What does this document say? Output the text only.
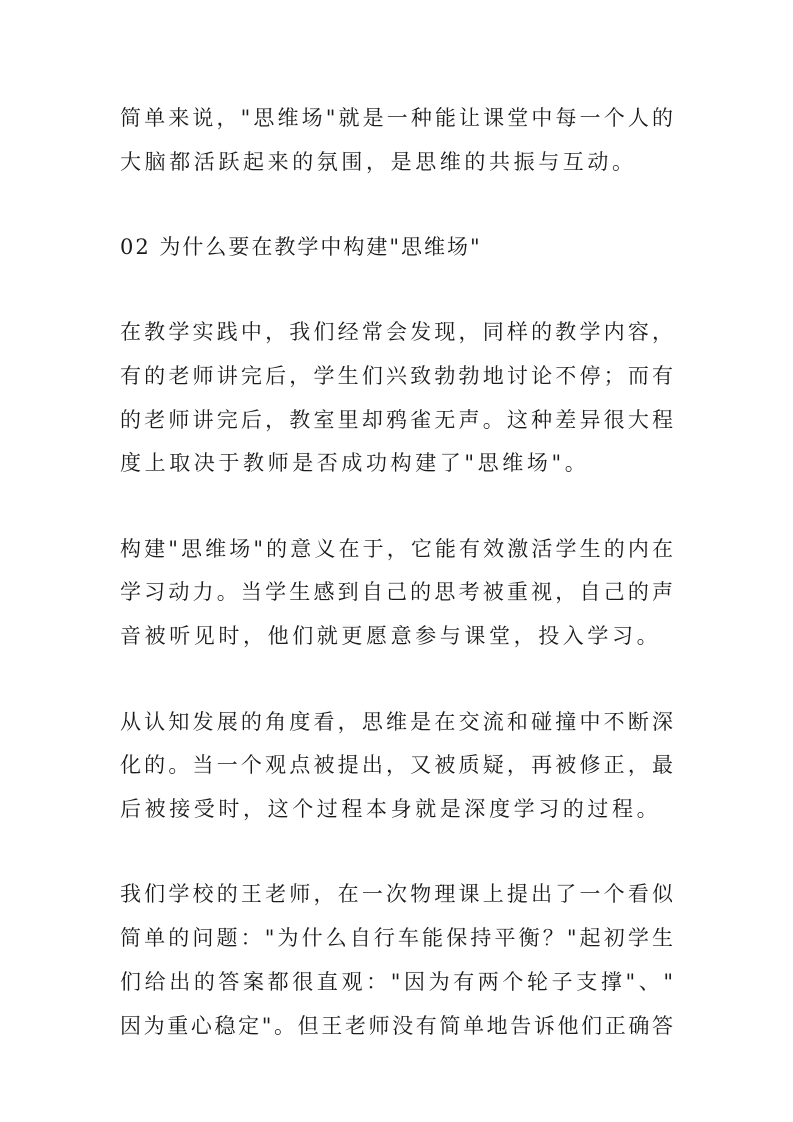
简单来说，"思维场"就是一种能让课堂中每一个人的
大脑都活跃起来的氛围，是思维的共振与互动。
02 为什么要在教学中构建"思维场"
在教学实践中，我们经常会发现，同样的教学内容，
有的老师讲完后，学生们兴致勃勃地讨论不停；而有
的老师讲完后，教室里却鸦雀无声。这种差异很大程
度上取决于教师是否成功构建了"思维场"。
构建"思维场"的意义在于，它能有效激活学生的内在
学习动力。当学生感到自己的思考被重视，自己的声
音被听见时，他们就更愿意参与课堂，投入学习。
从认知发展的角度看，思维是在交流和碰撞中不断深
化的。当一个观点被提出，又被质疑，再被修正，最
后被接受时，这个过程本身就是深度学习的过程。
我们学校的王老师，在一次物理课上提出了一个看似
简单的问题："为什么自行车能保持平衡？"起初学生
们给出的答案都很直观："因为有两个轮子支撑"、"
因为重心稳定"。但王老师没有简单地告诉他们正确答
